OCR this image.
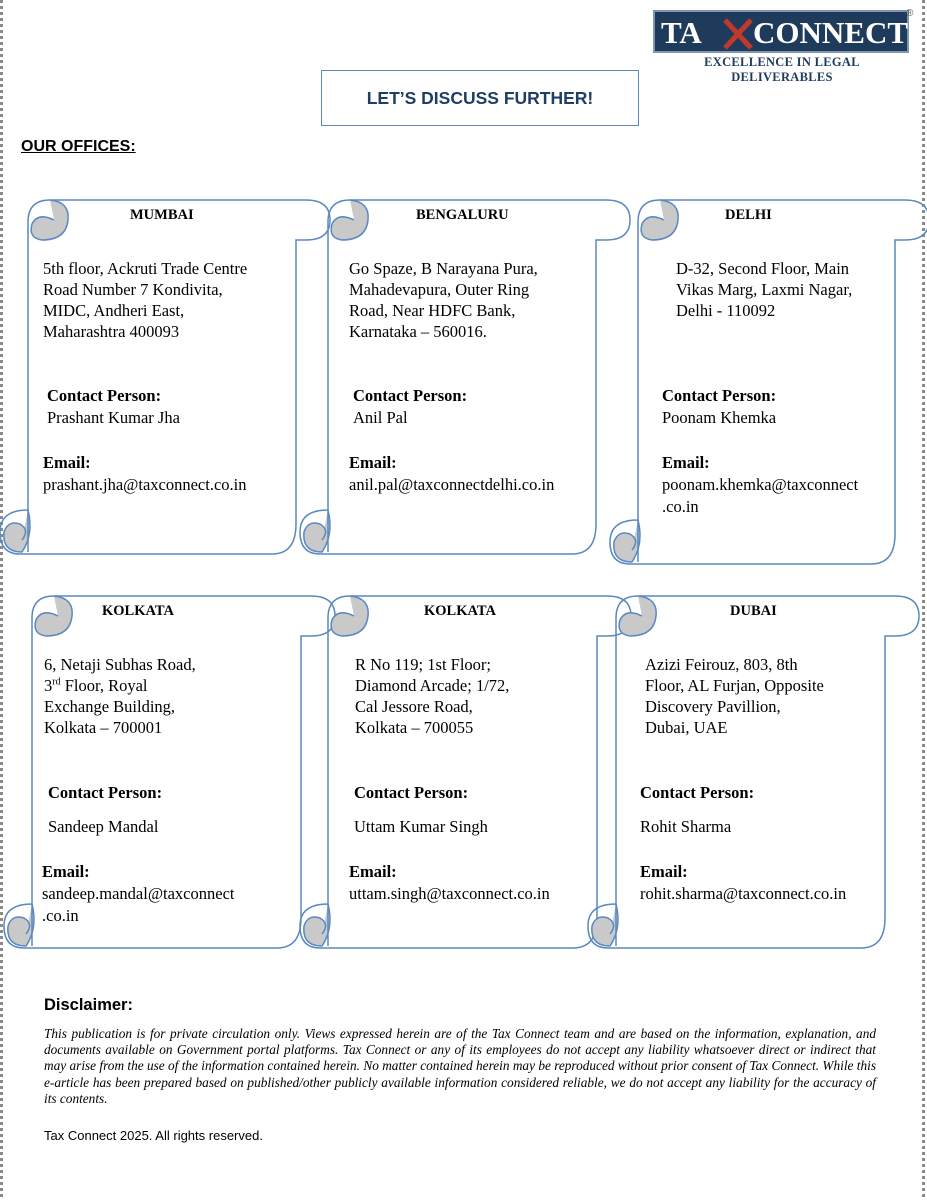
TA CONNECT
®
EXCELLENCE IN LEGAL DELIVERABLES
LET’S DISCUSS FURTHER!
OUR OFFICES:
MUMBAI
5th floor, Ackruti Trade Centre
Road Number 7 Kondivita,
MIDC, Andheri East,
Maharashtra 400093
Contact Person:
Prashant Kumar Jha
Email:
prashant.jha@taxconnect.co.in
BENGALURU
Go Spaze, B Narayana Pura,
Mahadevapura, Outer Ring
Road, Near HDFC Bank,
Karnataka – 560016.
Contact Person:
Anil Pal
Email:
anil.pal@taxconnectdelhi.co.in
DELHI
D-32, Second Floor, Main
Vikas Marg, Laxmi Nagar,
Delhi - 110092
Contact Person:
Poonam Khemka
Email:
poonam.khemka@taxconnect
.co.in
KOLKATA
6, Netaji Subhas Road,
3rd Floor, Royal
Exchange Building,
Kolkata – 700001
Contact Person:
Sandeep Mandal
Email:
sandeep.mandal@taxconnect
.co.in
KOLKATA
R No 119; 1st Floor;
Diamond Arcade; 1/72,
Cal Jessore Road,
Kolkata – 700055
Contact Person:
Uttam Kumar Singh
Email:
uttam.singh@taxconnect.co.in
DUBAI
Azizi Feirouz, 803, 8th
Floor, AL Furjan, Opposite
Discovery Pavillion,
Dubai, UAE
Contact Person:
Rohit Sharma
Email:
rohit.sharma@taxconnect.co.in
Disclaimer:
This publication is for private circulation only. Views expressed herein are of the Tax Connect team and are based on the information, explanation, and documents available on Government portal platforms. Tax Connect or any of its employees do not accept any liability whatsoever direct or indirect that may arise from the use of the information contained herein. No matter contained herein may be reproduced without prior consent of Tax Connect. While this e-article has been prepared based on published/other publicly available information considered reliable, we do not accept any liability for the accuracy of its contents.
Tax Connect 2025. All rights reserved.
